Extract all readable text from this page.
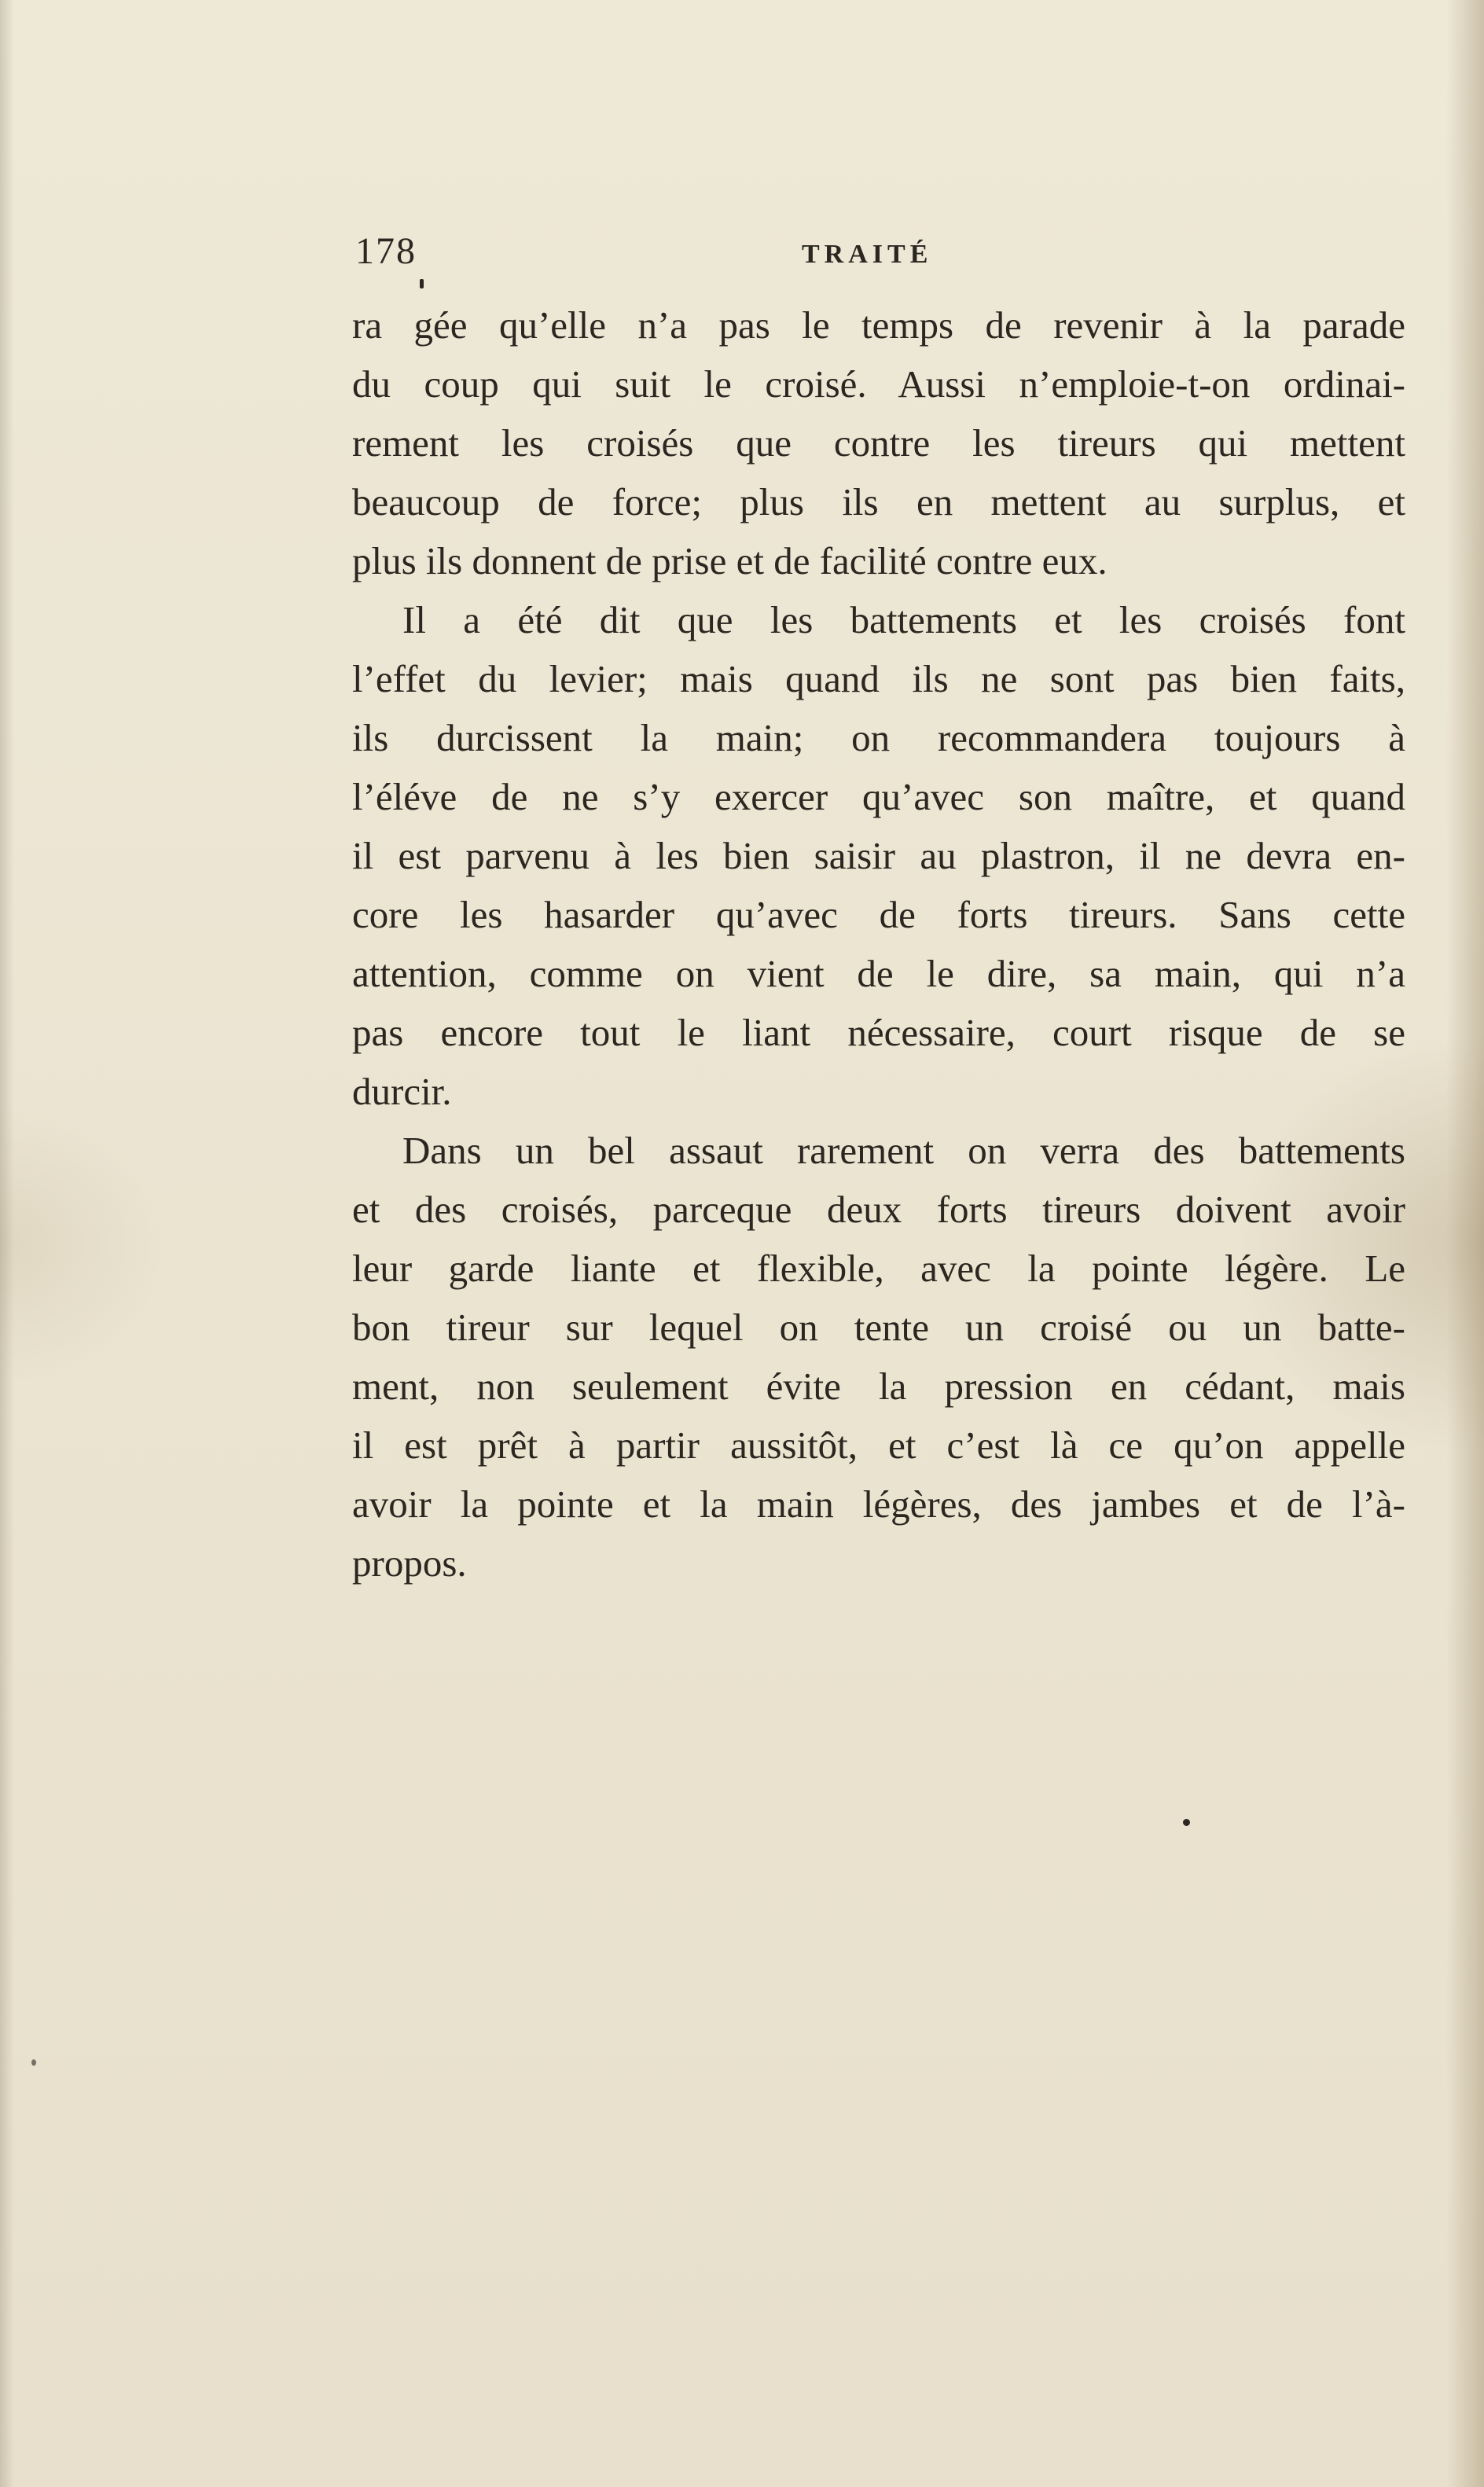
178	TRAITÉ

ra gée qu’elle n’a pas le temps de revenir à la parade
du coup qui suit le croisé. Aussi n’emploie-t-on ordinai-
rement les croisés que contre les tireurs qui mettent
beaucoup de force; plus ils en mettent au surplus, et
plus ils donnent de prise et de facilité contre eux.

Il a été dit que les battements et les croisés font
l’effet du levier; mais quand ils ne sont pas bien faits,
ils durcissent la main; on recommandera toujours à
l’éléve de ne s’y exercer qu’avec son maître, et quand
il est parvenu à les bien saisir au plastron, il ne devra en-
core les hasarder qu’avec de forts tireurs. Sans cette
attention, comme on vient de le dire, sa main, qui n’a
pas encore tout le liant nécessaire, court risque de se
durcir.

Dans un bel assaut rarement on verra des battements
et des croisés, parceque deux forts tireurs doivent avoir
leur garde liante et flexible, avec la pointe légère. Le
bon tireur sur lequel on tente un croisé ou un batte-
ment, non seulement évite la pression en cédant, mais
il est prêt à partir aussitôt, et c’est là ce qu’on appelle
avoir la pointe et la main légères, des jambes et de l’à-
propos.
